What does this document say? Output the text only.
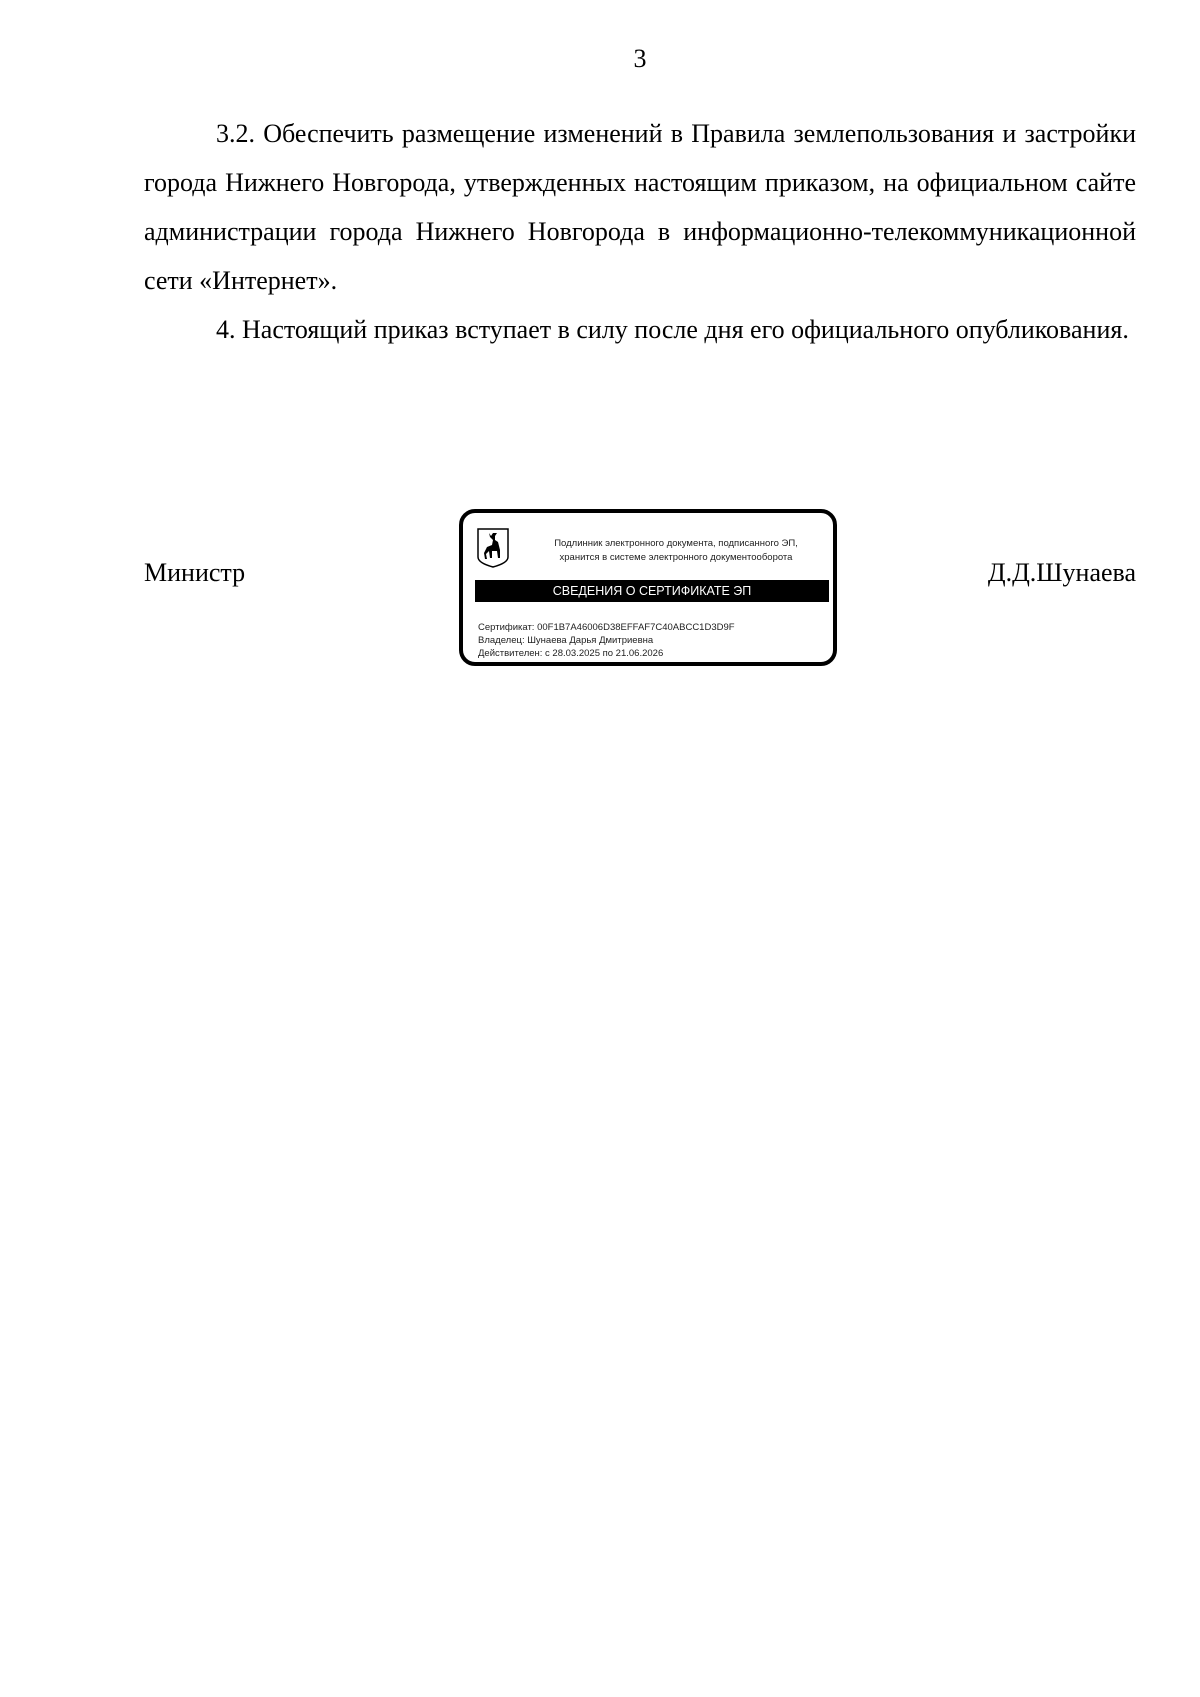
3

3.2. Обеспечить размещение изменений в Правила землепользования и застройки города Нижнего Новгорода, утвержденных настоящим приказом, на официальном сайте администрации города Нижнего Новгорода в информационно-телекоммуникационной сети «Интернет».

4. Настоящий приказ вступает в силу после дня его официального опубликования.

Министр	Д.Д.Шунаева
Подлинник электронного документа, подписанного ЭП,
хранится в системе электронного документооборота
СВЕДЕНИЯ О СЕРТИФИКАТЕ ЭП
Сертификат: 00F1B7A46006D38EFFAF7C40ABCC1D3D9F
Владелец: Шунаева Дарья Дмитриевна
Действителен: с 28.03.2025 по 21.06.2026
